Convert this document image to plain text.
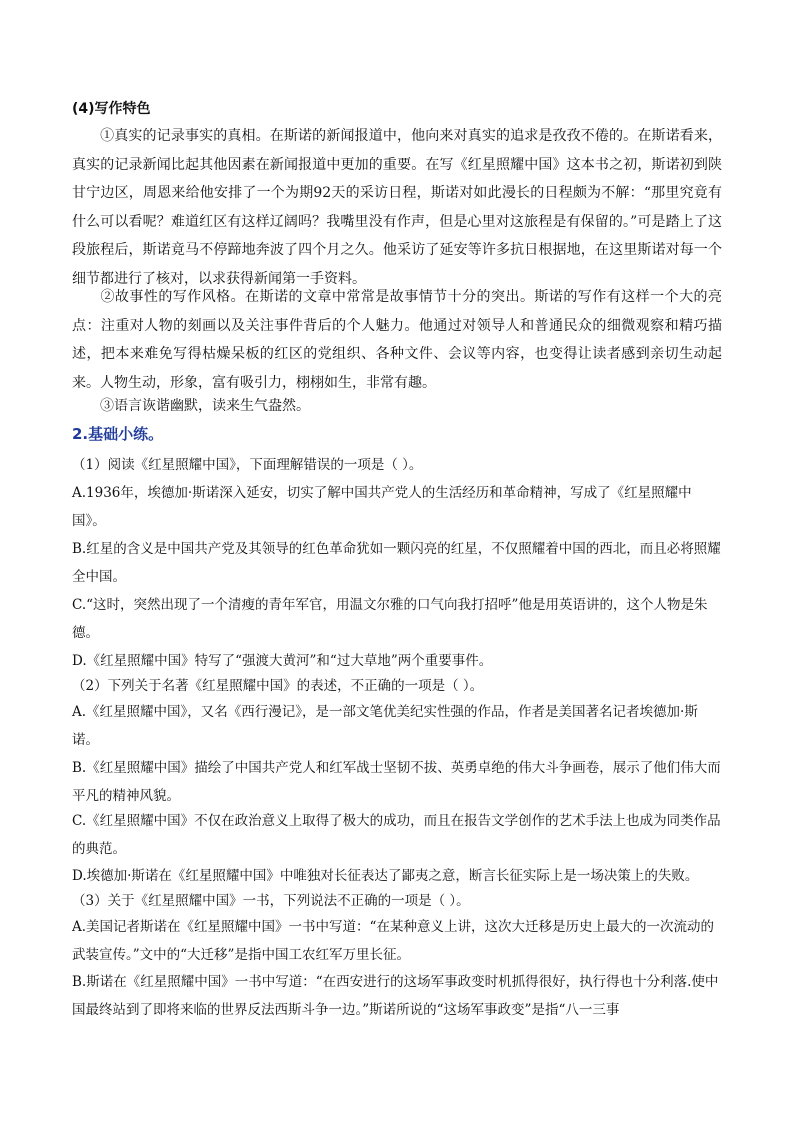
(4)写作特色
①真实的记录事实的真相。在斯诺的新闻报道中，他向来对真实的追求是孜孜不倦的。在斯诺看来，真实的记录新闻比起其他因素在新闻报道中更加的重要。在写《红星照耀中国》这本书之初，斯诺初到陕甘宁边区，周恩来给他安排了一个为期92天的采访日程，斯诺对如此漫长的日程颇为不解：“那里究竟有什么可以看呢？难道红区有这样辽阔吗？我嘴里没有作声，但是心里对这旅程是有保留的。”可是踏上了这段旅程后，斯诺竟马不停蹄地奔波了四个月之久。他采访了延安等许多抗日根据地，在这里斯诺对每一个细节都进行了核对，以求获得新闻第一手资料。
②故事性的写作风格。在斯诺的文章中常常是故事情节十分的突出。斯诺的写作有这样一个大的亮点：注重对人物的刻画以及关注事件背后的个人魅力。他通过对领导人和普通民众的细微观察和精巧描述，把本来难免写得枯燥呆板的红区的党组织、各种文件、会议等内容，也变得让读者感到亲切生动起来。人物生动，形象，富有吸引力，栩栩如生，非常有趣。
③语言诙谐幽默，读来生气盎然。
2.基础小练。
（1）阅读《红星照耀中国》，下面理解错误的一项是（ ）。
A.1936年，埃德加·斯诺深入延安，切实了解中国共产党人的生活经历和革命精神，写成了《红星照耀中国》。
B.红星的含义是中国共产党及其领导的红色革命犹如一颗闪亮的红星，不仅照耀着中国的西北，而且必将照耀全中国。
C.“这时，突然出现了一个清瘦的青年军官，用温文尔雅的口气向我打招呼”他是用英语讲的，这个人物是朱德。
D.《红星照耀中国》特写了“强渡大黄河”和“过大草地”两个重要事件。
（2）下列关于名著《红星照耀中国》的表述，不正确的一项是（ ）。
A.《红星照耀中国》，又名《西行漫记》，是一部文笔优美纪实性强的作品，作者是美国著名记者埃德加·斯诺。
B.《红星照耀中国》描绘了中国共产党人和红军战士坚韧不拔、英勇卓绝的伟大斗争画卷，展示了他们伟大而平凡的精神风貌。
C.《红星照耀中国》不仅在政治意义上取得了极大的成功，而且在报告文学创作的艺术手法上也成为同类作品的典范。
D.埃德加·斯诺在《红星照耀中国》中唯独对长征表达了鄙夷之意，断言长征实际上是一场决策上的失败。
（3）关于《红星照耀中国》一书，下列说法不正确的一项是（ ）。
A.美国记者斯诺在《红星照耀中国》一书中写道：“在某种意义上讲，这次大迁移是历史上最大的一次流动的武装宣传。”文中的“大迁移”是指中国工农红军万里长征。
B.斯诺在《红星照耀中国》一书中写道：“在西安进行的这场军事政变时机抓得很好，执行得也十分利落.使中国最终站到了即将来临的世界反法西斯斗争一边。”斯诺所说的“这场军事政变”是指“八一三事
